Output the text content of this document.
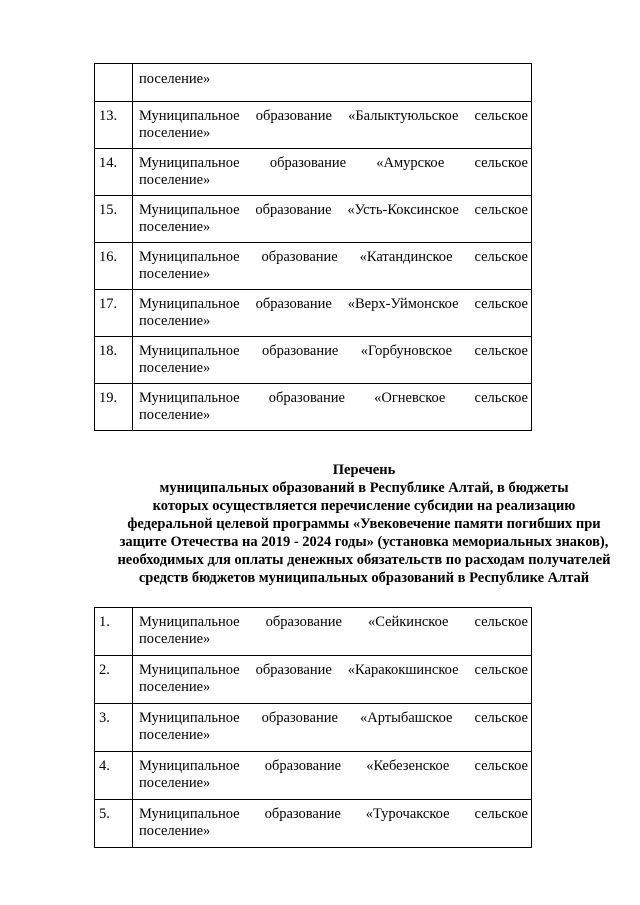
	поселение»

13.	Муниципальное образование «Балыктуюльское сельское
поселение»

14.	Муниципальное образование «Амурское сельское
поселение»

15.	Муниципальное образование «Усть-Коксинское сельское
поселение»

16.	Муниципальное образование «Катандинское сельское
поселение»

17.	Муниципальное образование «Верх-Уймонское сельское
поселение»

18.	Муниципальное образование «Горбуновское сельское
поселение»

19.	Муниципальное образование «Огневское сельское
поселение»
Перечень
муниципальных образований в Республике Алтай, в бюджеты
которых осуществляется перечисление субсидии на реализацию
федеральной целевой программы «Увековечение памяти погибших при
защите Отечества на 2019 - 2024 годы» (установка мемориальных знаков),
необходимых для оплаты денежных обязательств по расходам получателей
средств бюджетов муниципальных образований в Республике Алтай
1.	Муниципальное образование «Сейкинское сельское
поселение»

2.	Муниципальное образование «Каракокшинское сельское
поселение»

3.	Муниципальное образование «Артыбашское сельское
поселение»

4.	Муниципальное образование «Кебезенское сельское
поселение»

5.	Муниципальное образование «Турочакское сельское
поселение»
